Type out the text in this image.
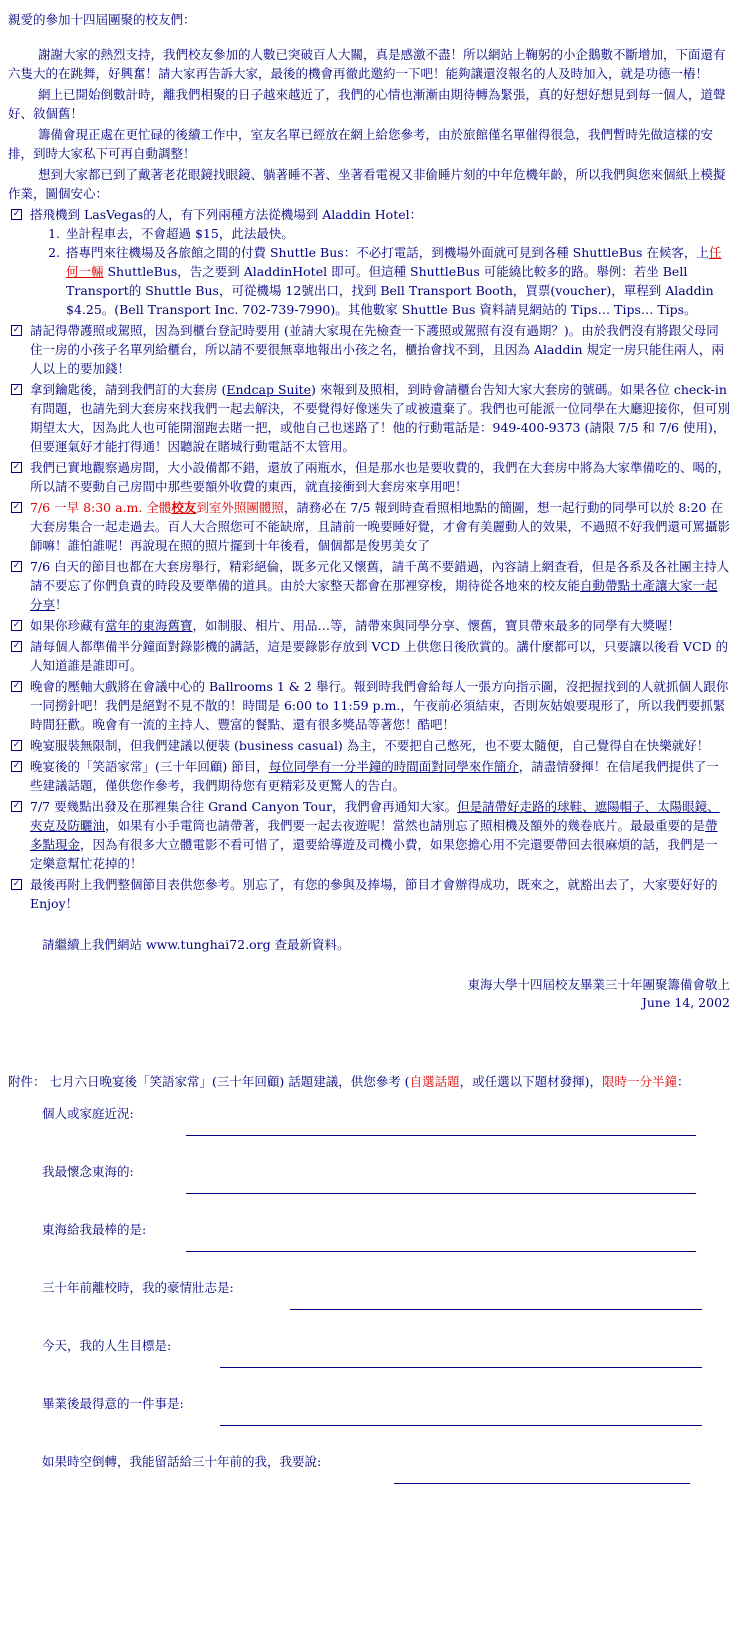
親愛的參加十四屆團聚的校友們：

謝謝大家的熱烈支持，我們校友參加的人數已突破百人大關，真是感激不盡！所以網站上鞠躬的小企鵝數不斷增加，下面還有六隻大的在跳舞，好興奮！請大家再告訴大家，最後的機會再徹此邀約一下吧！能夠讓還沒報名的人及時加入，就是功德一樁！

網上已開始倒數計時，離我們相聚的日子越來越近了，我們的心情也漸漸由期待轉為緊張，真的好想好想見到每一個人，道聲好、敘個舊！

籌備會現正處在更忙碌的後續工作中，室友名單已經放在網上給您參考，由於旅館僅名單催得很急，我們暫時先做這樣的安排，到時大家私下可再自動調整！

想到大家都已到了戴著老花眼鏡找眼鏡、躺著睡不著、坐著看電視又非偷睡片刻的中年危機年齡，所以我們與您來個紙上模擬作業，圖個安心：

✓ 搭飛機到 LasVegas的人，有下列兩種方法從機場到 Aladdin Hotel：
1. 坐計程車去，不會超過 $15，此法最快。
2. 搭專門來往機場及各旅館之間的付費 Shuttle Bus：不必打電話，到機場外面就可見到各種 ShuttleBus 在候客，上任何一輛 ShuttleBus，告之要到 AladdinHotel 即可。但這種 ShuttleBus 可能繞比較多的路。舉例：若坐 Bell Transport的 Shuttle Bus，可從機場 12號出口，找到 Bell Transport Booth，買票(voucher)，單程到 Aladdin $4.25。(Bell Transport Inc. 702-739-7990)。其他數家 Shuttle Bus 資料請見網站的 Tips… Tips… Tips。
✓ 請記得帶護照或駕照，因為到櫃台登記時要用 (並請大家現在先檢查一下護照或駕照有沒有過期？)。由於我們沒有將跟父母同住一房的小孩子名單列給櫃台，所以請不要很無辜地報出小孩之名，櫃抬會找不到，且因為 Aladdin 規定一房只能住兩人，兩人以上的要加錢！
✓ 拿到鑰匙後，請到我們訂的大套房 (Endcap Suite) 來報到及照相，到時會請櫃台告知大家大套房的號碼。如果各位 check-in 有問題，也請先到大套房來找我們一起去解決，不要覺得好像迷失了或被遺棄了。我們也可能派一位同學在大廳迎接你，但可別期望太大，因為此人也可能開溜跑去賭一把，或他自己也迷路了！他的行動電話是：949-400-9373 (請限 7/5 和 7/6 使用)，但要運氣好才能打得通！因聽說在賭城行動電話不太管用。
✓ 我們已實地觀察過房間，大小設備都不錯，還放了兩瓶水，但是那水也是要收費的，我們在大套房中將為大家準備吃的、喝的，所以請不要動自己房間中那些要額外收費的東西，就直接衝到大套房來享用吧！
✓ 7/6 一早 8:30 a.m. 全體校友到室外照團體照，請務必在 7/5 報到時查看照相地點的簡圖，想一起行動的同學可以於 8:20 在大套房集合一起走過去。百人大合照您可不能缺席，且請前一晚要睡好覺，才會有美麗動人的效果，不過照不好我們還可罵攝影師嘛！誰怕誰呢！再說現在照的照片擺到十年後看，個個都是俊男美女了
✓ 7/6 白天的節目也都在大套房舉行，精彩絕倫，既多元化又懷舊，請千萬不要錯過，內容請上網查看，但是各系及各社團主持人請不要忘了你們負責的時段及要準備的道具。由於大家整天都會在那裡穿梭，期待從各地來的校友能自動帶點土產讓大家一起分享！
✓ 如果你珍藏有當年的東海舊寶，如制服、相片、用品…等，請帶來與同學分享、懷舊，寶貝帶來最多的同學有大獎喔！
✓ 請每個人都準備半分鐘面對錄影機的講話，這是要錄影存放到 VCD 上供您日後欣賞的。講什麼都可以，只要讓以後看 VCD 的人知道誰是誰即可。
✓ 晚會的壓軸大戲將在會議中心的 Ballrooms 1 & 2 舉行。報到時我們會給每人一張方向指示圖，沒把握找到的人就抓個人跟你一同撈針吧！我們是絕對不見不散的！時間是 6:00 to 11:59 p.m.，午夜前必須結束，否則灰姑娘要現形了，所以我們要抓緊時間狂歡。晚會有一流的主持人、豐富的餐點、還有很多獎品等著您！酷吧！
✓ 晚宴服裝無限制，但我們建議以便裝 (business casual) 為主，不要把自己憋死，也不要太隨便，自己覺得自在快樂就好！
✓ 晚宴後的「笑語家常」(三十年回顧) 節目，每位同學有一分半鐘的時間面對同學來作簡介，請盡情發揮！在信尾我們提供了一些建議話題，僅供您作參考，我們期待您有更精彩及更驚人的告白。
✓ 7/7 要幾點出發及在那裡集合往 Grand Canyon Tour，我們會再通知大家。但是請帶好走路的球鞋、遮陽帽子、太陽眼鏡、夾克及防曬油，如果有小手電筒也請帶著，我們要一起去夜遊呢！當然也請別忘了照相機及額外的幾卷底片。最最重要的是帶多點現金，因為有很多大立體電影不看可惜了，還要給導遊及司機小費，如果您擔心用不完還要帶回去很麻煩的話，我們是一定樂意幫忙花掉的！
✓ 最後再附上我們整個節目表供您參考。別忘了，有您的參與及捧場，節目才會辦得成功，既來之，就豁出去了，大家要好好的 Enjoy！

請繼續上我們網站 www.tunghai72.org 查最新資料。

東海大學十四屆校友畢業三十年團聚籌備會敬上
June 14, 2002

附件： 七月六日晚宴後「笑語家常」(三十年回顧) 話題建議，供您參考 (自選話題，或任選以下題材發揮)，限時一分半鐘：

個人或家庭近況:
我最懷念東海的:
東海給我最棒的是:
三十年前離校時，我的豪情壯志是:
今天，我的人生目標是:
畢業後最得意的一件事是:
如果時空倒轉，我能留話給三十年前的我，我要說:
